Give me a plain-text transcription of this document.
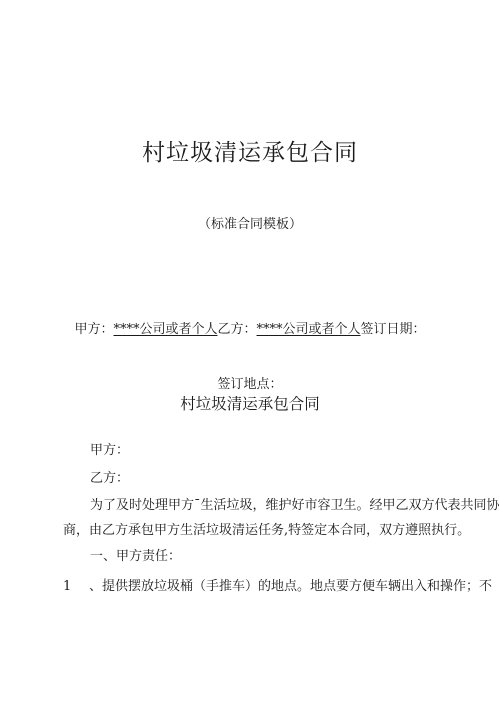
村垃圾清运承包合同
（标准合同模板）
甲方：****公司或者个人乙方：****公司或者个人签订日期：
签订地点：
村垃圾清运承包合同
甲方：
乙方：
为了及时处理甲方ˉ生活垃圾，维护好市容卫生。经甲乙双方代表共同协
商，由乙方承包甲方生活垃圾清运任务,特签定本合同，双方遵照执行。
一、甲方责任：
1 、提供摆放垃圾桶（手推车）的地点。地点要方便车辆出入和操作；不
